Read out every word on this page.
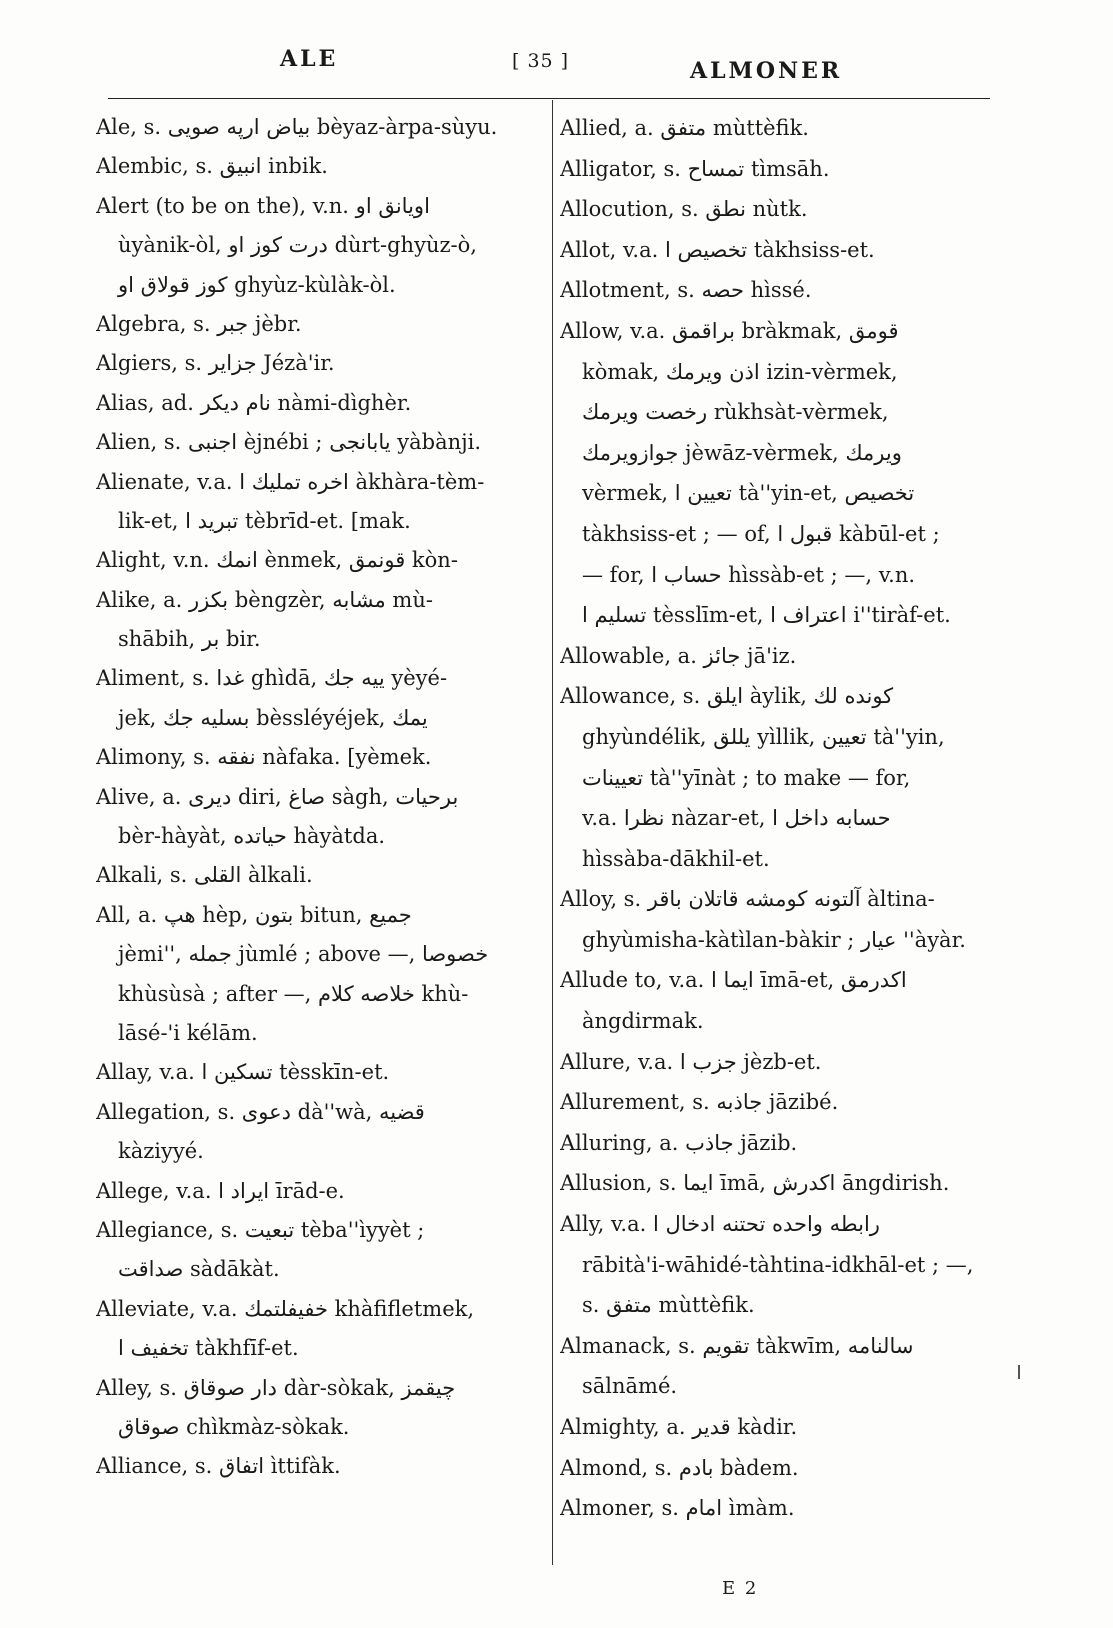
ALE	[ 35 ]	ALMONER
Ale, s. بياض ارپه صويى bèyaz-àrpa-sùyu.
Alembic, s. انبيق inbik.
Alert (to be on the), v.n. اويانق او
ùyànik-òl, درت كوز او dùrt-ghyùz-ò,
كوز قولاق او ghyùz-kùlàk-òl.
Algebra, s. جبر jèbr.
Algiers, s. جزاير Jézà'ir.
Alias, ad. نام ديكر nàmi-dìghèr.
Alien, s. اجنبى èjnébi ; يابانجى yàbànji.
Alienate, v.a. اخره تمليك ا àkhàra-tèm-
lik-et, تبريد ا tèbrīd-et. [mak.
Alight, v.n. انمك ènmek, قونمق kòn-
Alike, a. بكزر bèngzèr, مشابه mù-
shābih, بر bir.
Aliment, s. غدا ghìdā, ييه جك yèyé-
jek, بسليه جك bèssléyéjek, يمك
Alimony, s. نفقه nàfaka. [yèmek.
Alive, a. ديرى diri, صاغ sàgh, برحيات
bèr-hàyàt, حياتده hàyàtda.
Alkali, s. القلى àlkali.
All, a. هپ hèp, بتون bitun, جميع
jèmi'', جمله jùmlé ; above —, خصوصا
khùsùsà ; after —, خلاصه كلام khù-
lāsé-'i kélām.
Allay, v.a. تسكين ا tèsskīn-et.
Allegation, s. دعوى dà''wà, قضيه
kàziyyé.
Allege, v.a. ايراد ا īrād-e.
Allegiance, s. تبعيت tèba''ìyyèt ;
صداقت sàdākàt.
Alleviate, v.a. خفيفلتمك khàfifletmek,
تخفيف ا tàkhfīf-et.
Alley, s. دار صوقاق dàr-sòkak, چيقمز
صوقاق chìkmàz-sòkak.
Alliance, s. اتفاق ìttifàk.
Allied, a. متفق mùttèfik.
Alligator, s. تمساح tìmsāh.
Allocution, s. نطق nùtk.
Allot, v.a. تخصيص ا tàkhsiss-et.
Allotment, s. حصه hìssé.
Allow, v.a. براقمق bràkmak, قومق
kòmak, اذن ويرمك izin-vèrmek,
رخصت ويرمك rùkhsàt-vèrmek,
جوازويرمك jèwāz-vèrmek, ويرمك
vèrmek, تعيين ا tà''yin-et, تخصيص
tàkhsiss-et ; — of, قبول ا kàbūl-et ;
— for, حساب ا hìssàb-et ; —, v.n.
تسليم ا tèsslīm-et, اعتراف ا i''tiràf-et.
Allowable, a. جائز jā'iz.
Allowance, s. ايلق àylik, كونده لك
ghyùndélik, يللق yìllik, تعيين tà''yin,
تعيينات tà''yīnàt ; to make — for,
v.a. نظرا nàzar-et, حسابه داخل ا
hìssàba-dākhil-et.
Alloy, s. آلتونه كومشه قاتلان باقر àltina-
ghyùmisha-kàtìlan-bàkir ; عيار ''àyàr.
Allude to, v.a. ايما ا īmā-et, اكدرمق
àngdirmak.
Allure, v.a. جزب ا jèzb-et.
Allurement, s. جاذبه jāzibé.
Alluring, a. جاذب jāzib.
Allusion, s. ايما īmā, اكدرش āngdirish.
Ally, v.a. رابطه واحده تحتنه ادخال ا
rābità'i-wāhidé-tàhtina-idkhāl-et ; —,
s. متفق mùttèfik.
Almanack, s. تقويم tàkwīm, سالنامه
sālnāmé.
Almighty, a. قدير kàdir.
Almond, s. بادم bàdem.
Almoner, s. امام ìmàm.
E 2
